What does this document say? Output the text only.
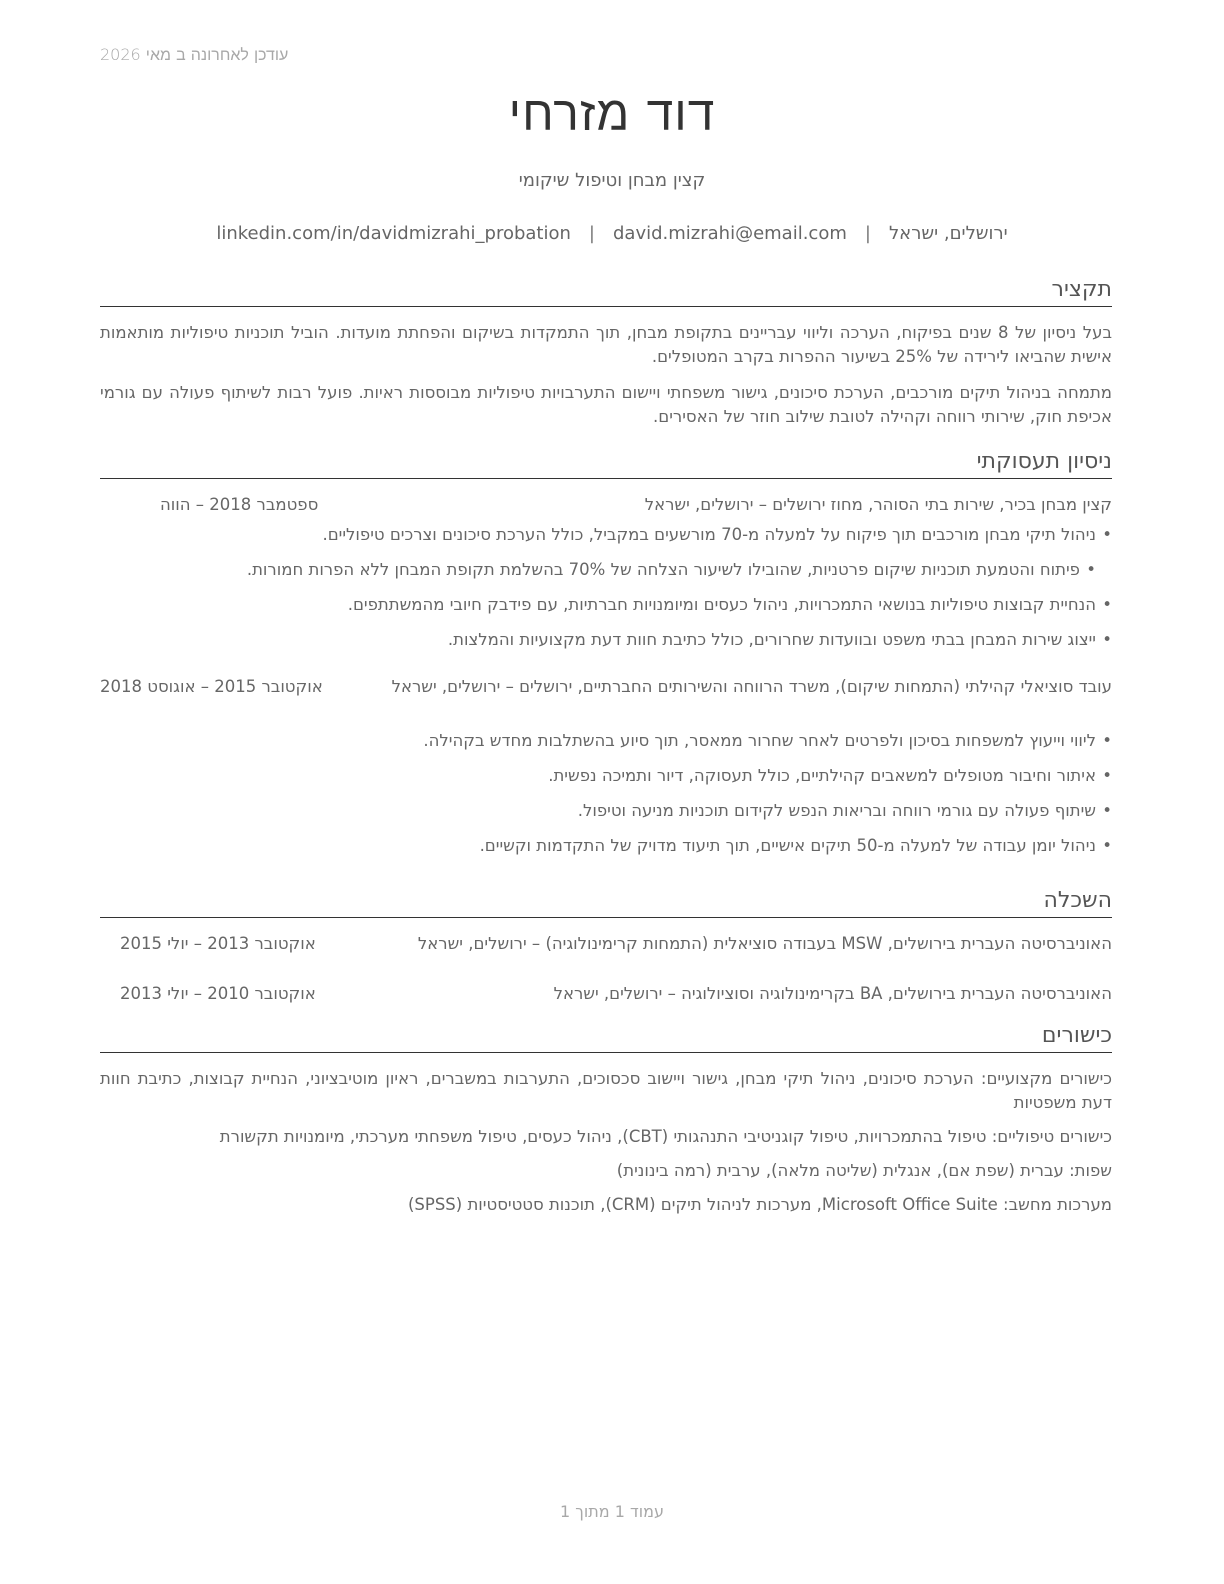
עודכן לאחרונה ב מאי 2026
דוד מזרחי
קצין מבחן וטיפול שיקומי
ירושלים, ישראל|david.mizrahi@email.com|linkedin.com/in/davidmizrahi_probation
תקציר

בעל ניסיון של 8 שנים בפיקוח, הערכה וליווי עבריינים בתקופת מבחן, תוך התמקדות בשיקום והפחתת מועדות. הוביל תוכניות טיפוליות מותאמות אישית שהביאו לירידה של 25% בשיעור ההפרות בקרב המטופלים.

מתמחה בניהול תיקים מורכבים, הערכת סיכונים, גישור משפחתי ויישום התערבויות טיפוליות מבוססות ראיות. פועל רבות לשיתוף פעולה עם גורמי אכיפת חוק, שירותי רווחה וקהילה לטובת שילוב חוזר של האסירים.

ניסיון תעסוקתי
קצין מבחן בכיר, שירות בתי הסוהר, מחוז ירושלים – ירושלים, ישראל
ספטמבר 2018 – הווה
•
ניהול תיקי מבחן מורכבים תוך פיקוח על למעלה מ-70 מורשעים במקביל, כולל הערכת סיכונים וצרכים טיפוליים.
•
פיתוח והטמעת תוכניות שיקום פרטניות, שהובילו לשיעור הצלחה של 70% בהשלמת תקופת המבחן ללא הפרות חמורות.
•
הנחיית קבוצות טיפוליות בנושאי התמכרויות, ניהול כעסים ומיומנויות חברתיות, עם פידבק חיובי מהמשתתפים.
•
ייצוג שירות המבחן בבתי משפט ובוועדות שחרורים, כולל כתיבת חוות דעת מקצועיות והמלצות.
עובד סוציאלי קהילתי (התמחות שיקום), משרד הרווחה והשירותים החברתיים, ירושלים – ירושלים, ישראל
אוקטובר 2015 – אוגוסט 2018
•
ליווי וייעוץ למשפחות בסיכון ולפרטים לאחר שחרור ממאסר, תוך סיוע בהשתלבות מחדש בקהילה.
•
איתור וחיבור מטופלים למשאבים קהילתיים, כולל תעסוקה, דיור ותמיכה נפשית.
•
שיתוף פעולה עם גורמי רווחה ובריאות הנפש לקידום תוכניות מניעה וטיפול.
•
ניהול יומן עבודה של למעלה מ-50 תיקים אישיים, תוך תיעוד מדויק של התקדמות וקשיים.
השכלה
האוניברסיטה העברית בירושלים, MSW בעבודה סוציאלית (התמחות קרימינולוגיה) – ירושלים, ישראל
אוקטובר 2013 – יולי 2015
האוניברסיטה העברית בירושלים, BA בקרימינולוגיה וסוציולוגיה – ירושלים, ישראל
אוקטובר 2010 – יולי 2013
כישורים

כישורים מקצועיים: הערכת סיכונים, ניהול תיקי מבחן, גישור ויישוב סכסוכים, התערבות במשברים, ראיון מוטיבציוני, הנחיית קבוצות, כתיבת חוות דעת משפטיות

כישורים טיפוליים: טיפול בהתמכרויות, טיפול קוגניטיבי התנהגותי (CBT), ניהול כעסים, טיפול משפחתי מערכתי, מיומנויות תקשורת

שפות: עברית (שפת אם), אנגלית (שליטה מלאה), ערבית (רמה בינונית)

מערכות מחשב: Microsoft Office Suite, מערכות לניהול תיקים (CRM), תוכנות סטטיסטיות (SPSS)

עמוד 1 מתוך 1
